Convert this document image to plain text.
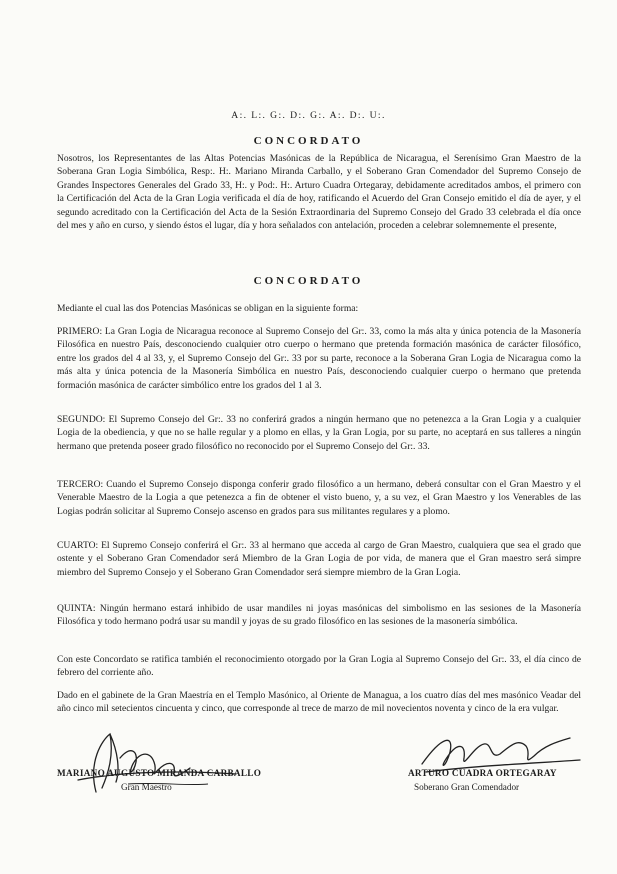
A:. L:. G:. D:. G:. A:. D:. U:.
CONCORDATO

Nosotros, los Representantes de las Altas Potencias Masónicas de la República de Nicaragua, el Serenísimo Gran Maestro de la Soberana Gran Logia Simbólica, Resp:. H:. Mariano Miranda Carballo, y el Soberano Gran Comendador del Supremo Consejo de Grandes Inspectores Generales del Grado 33, H:. y Pod:. H:. Arturo Cuadra Ortegaray, debidamente acreditados ambos, el primero con la Certificación del Acta de la Gran Logia verificada el día de hoy, ratificando el Acuerdo del Gran Consejo emitido el día de ayer, y el segundo acreditado con la Certificación del Acta de la Sesión Extraordinaria del Supremo Consejo del Grado 33 celebrada el día once del mes y año en curso, y siendo éstos el lugar, día y hora señalados con antelación, proceden a celebrar solemnemente el presente,

CONCORDATO

Mediante el cual las dos Potencias Masónicas se obligan en la siguiente forma:

PRIMERO: La Gran Logia de Nicaragua reconoce al Supremo Consejo del Gr:. 33, como la más alta y única potencia de la Masonería Filosófica en nuestro País, desconociendo cualquier otro cuerpo o hermano que pretenda formación masónica de carácter filosófico, entre los grados del 4 al 33, y, el Supremo Consejo del Gr:. 33 por su parte, reconoce a la Soberana Gran Logia de Nicaragua como la más alta y única potencia de la Masonería Simbólica en nuestro País, desconociendo cualquier cuerpo o hermano que pretenda formación masónica de carácter simbólico entre los grados del 1 al 3.

SEGUNDO: El Supremo Consejo del Gr:. 33 no conferirá grados a ningún hermano que no petenezca a la Gran Logia y a cualquier Logia de la obediencia, y que no se halle regular y a plomo en ellas, y la Gran Logia, por su parte, no aceptará en sus talleres a ningún hermano que pretenda poseer grado filosófico no reconocido por el Supremo Consejo del Gr:. 33.

TERCERO: Cuando el Supremo Consejo disponga conferir grado filosófico a un hermano, deberá consultar con el Gran Maestro y el Venerable Maestro de la Logia a que petenezca a fin de obtener el visto bueno, y, a su vez, el Gran Maestro y los Venerables de las Logias podrán solicitar al Supremo Consejo ascenso en grados para sus militantes regulares y a plomo.

CUARTO: El Supremo Consejo conferirá el Gr:. 33 al hermano que acceda al cargo de Gran Maestro, cualquiera que sea el grado que ostente y el Soberano Gran Comendador será Miembro de la Gran Logia de por vida, de manera que el Gran maestro será simpre miembro del Supremo Consejo y el Soberano Gran Comendador será siempre miembro de la Gran Logia.

QUINTA: Ningún hermano estará inhibido de usar mandiles ni joyas masónicas del simbolismo en las sesiones de la Masonería Filosófica y todo hermano podrá usar su mandil y joyas de su grado filosófico en las sesiones de la masonería simbólica.

Con este Concordato se ratifica también el reconocimiento otorgado por la Gran Logia al Supremo Consejo del Gr:. 33, el día cinco de febrero del corriente año.

Dado en el gabinete de la Gran Maestría en el Templo Masónico, al Oriente de Managua, a los cuatro días del mes masónico Veadar del año cinco mil setecientos cincuenta y cinco, que corresponde al trece de marzo de mil novecientos noventa y cinco de la era vulgar.

MARIANO AUGUSTO MIRANDA CARBALLO
Gran Maestro
ARTURO CUADRA ORTEGARAY
Soberano Gran Comendador
